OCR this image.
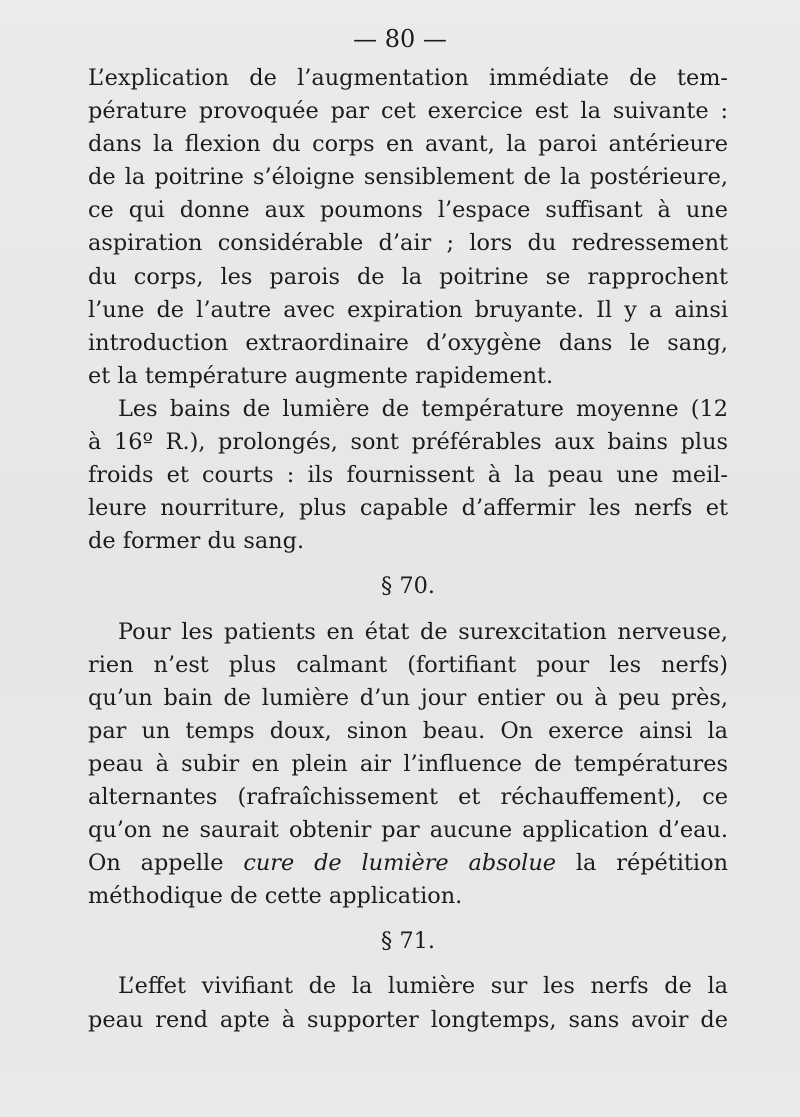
— 80 —
L’explication de l’augmentation immédiate de tem-
pérature provoquée par cet exercice est la suivante :
dans la flexion du corps en avant, la paroi antérieure
de la poitrine s’éloigne sensiblement de la postérieure,
ce qui donne aux poumons l’espace suffisant à une
aspiration considérable d’air ; lors du redressement
du corps, les parois de la poitrine se rapprochent
l’une de l’autre avec expiration bruyante. Il y a ainsi
introduction extraordinaire d’oxygène dans le sang,
et la température augmente rapidement.
Les bains de lumière de température moyenne (12
à 16º R.), prolongés, sont préférables aux bains plus
froids et courts : ils fournissent à la peau une meil-
leure nourriture, plus capable d’affermir les nerfs et
de former du sang.
§ 70.
Pour les patients en état de surexcitation nerveuse,
rien n’est plus calmant (fortifiant pour les nerfs)
qu’un bain de lumière d’un jour entier ou à peu près,
par un temps doux, sinon beau. On exerce ainsi la
peau à subir en plein air l’influence de températures
alternantes (rafraîchissement et réchauffement), ce
qu’on ne saurait obtenir par aucune application d’eau.
On appelle cure de lumière absolue la répétition
méthodique de cette application.
§ 71.
L’effet vivifiant de la lumière sur les nerfs de la
peau rend apte à supporter longtemps, sans avoir de
